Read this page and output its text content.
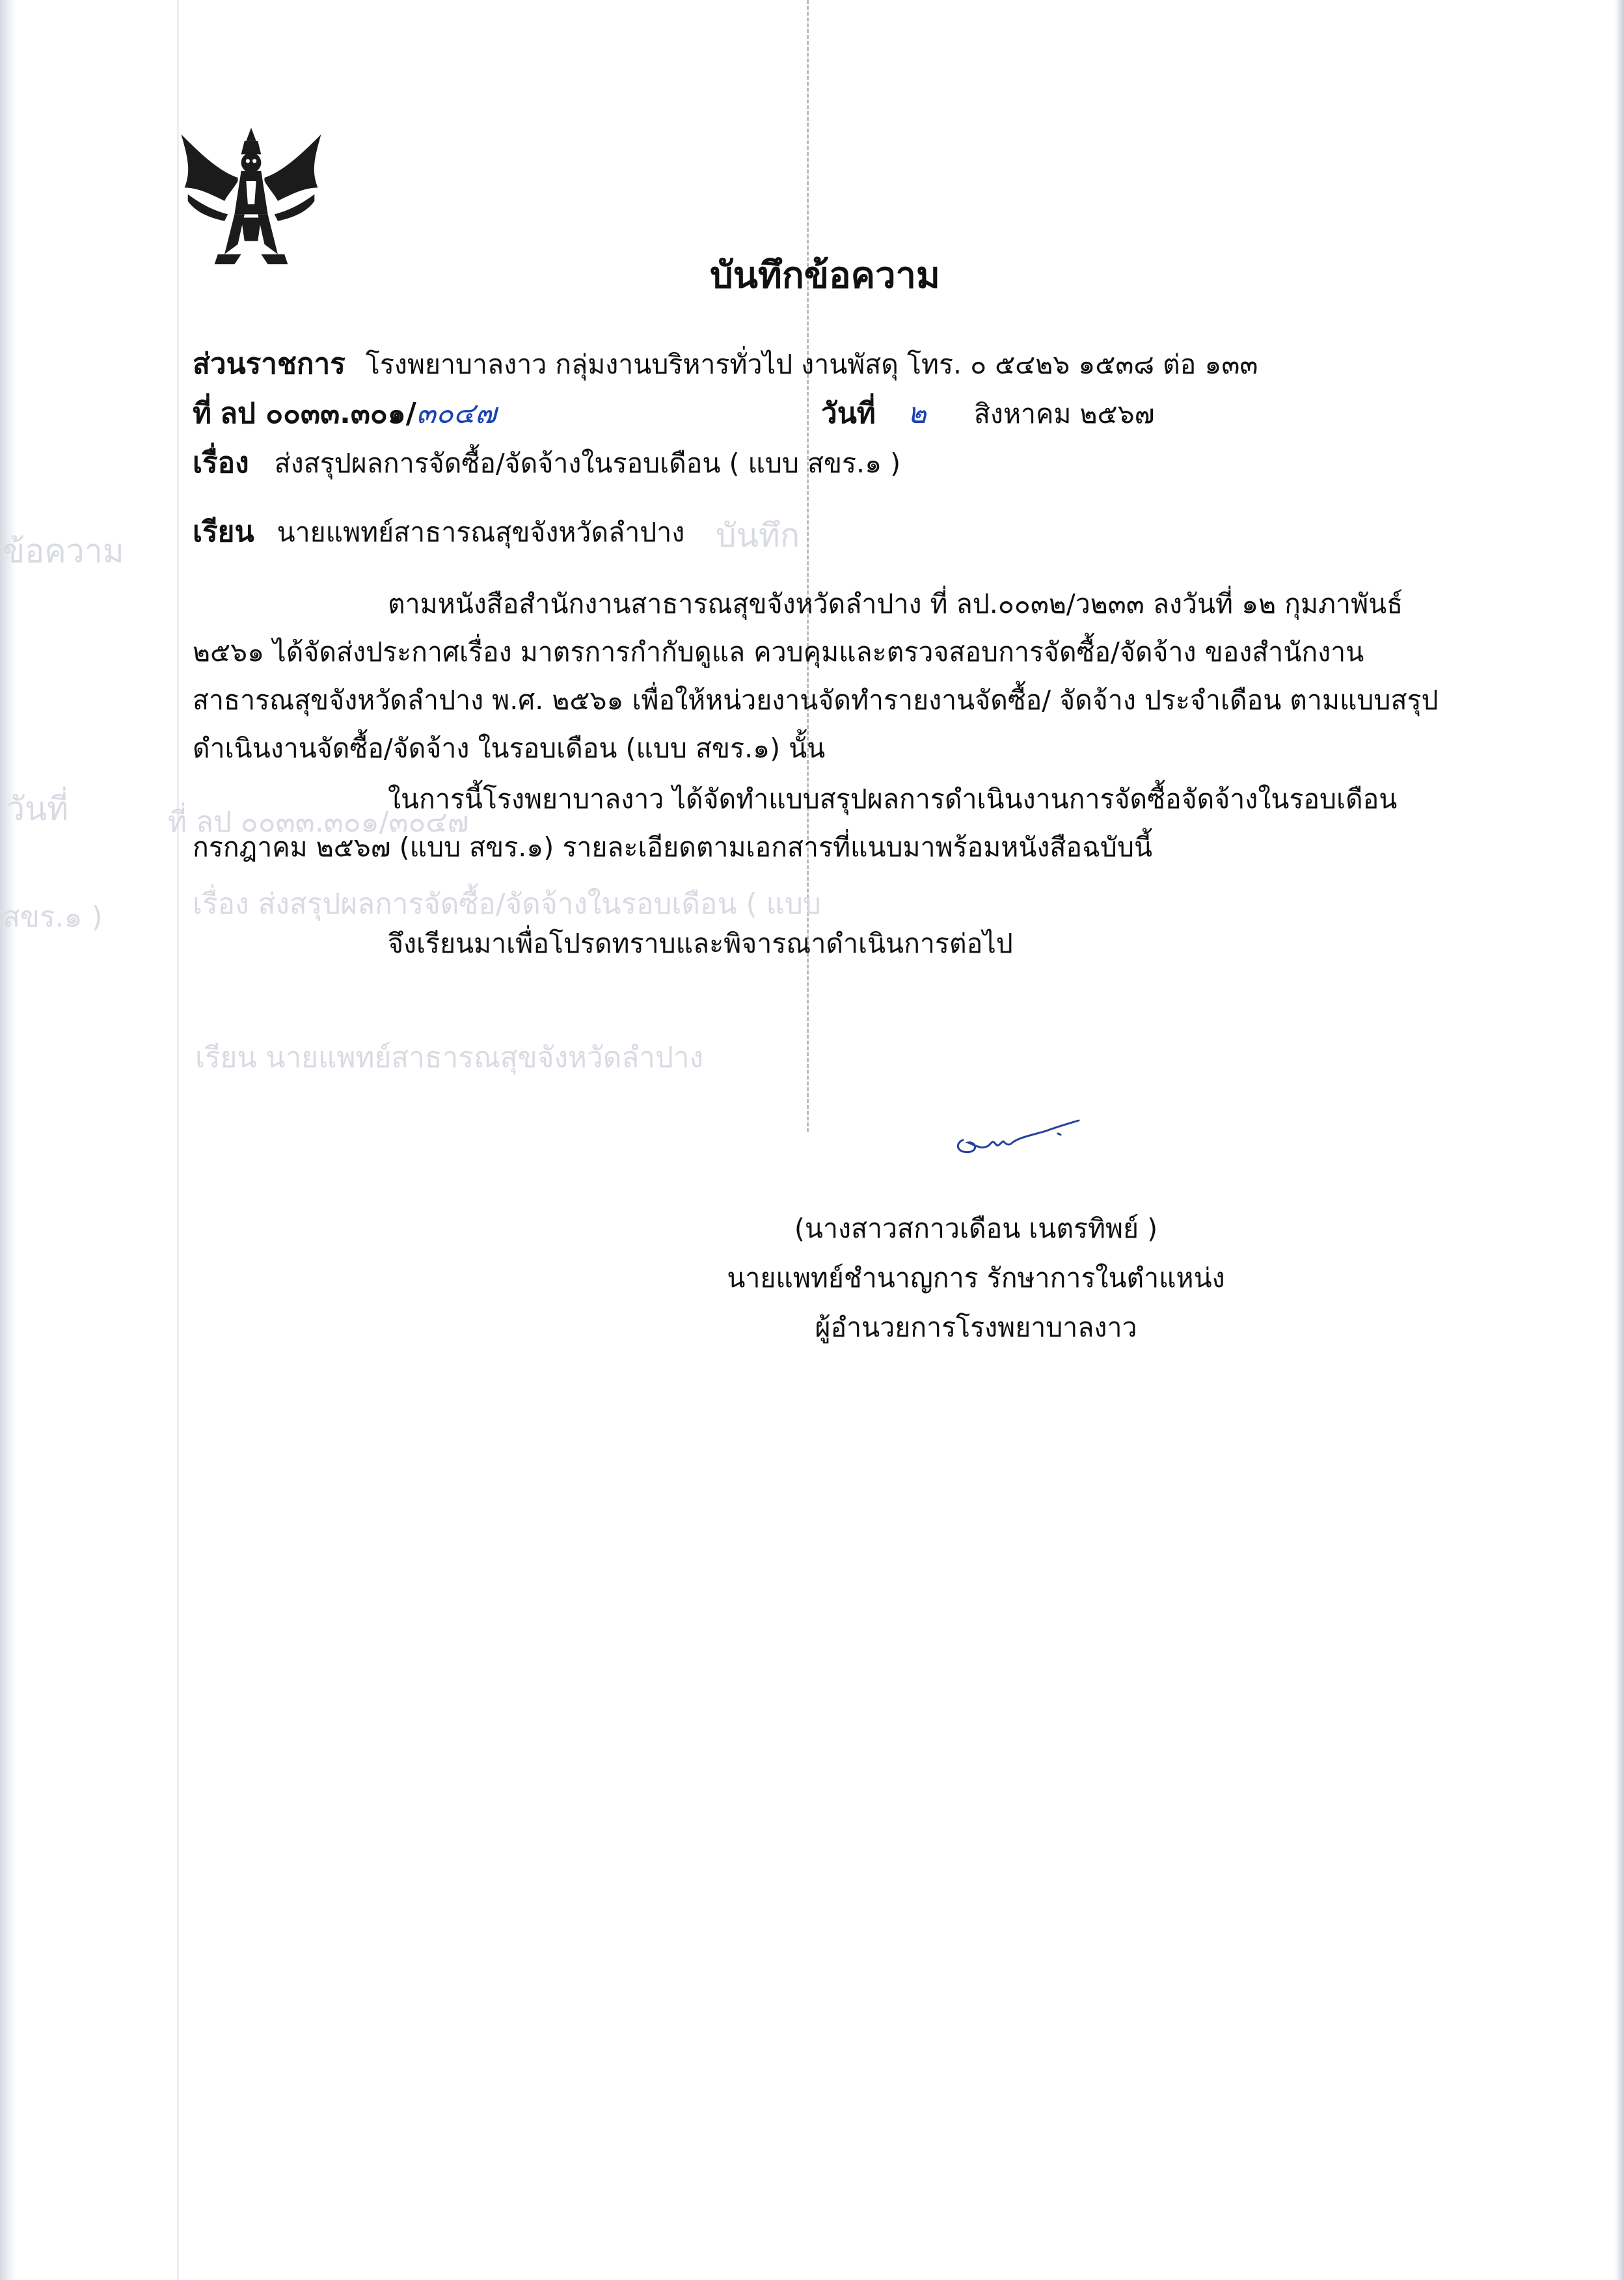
ข้อความ	บันทึก
วันที่
เรื่อง ส่งสรุปผลการจัดซื้อ/จัดจ้างในรอบเดือน ( แบบ
เรียน นายแพทย์สาธารณสุขจังหวัดลำปาง
สขร.๑ )
ที่ ลป ๐๐๓๓.๓๐๑/๓๐๔๗
บันทึกข้อความ
ส่วนราชการ โรงพยาบาลงาว กลุ่มงานบริหารทั่วไป งานพัสดุ โทร. ๐ ๕๔๒๖ ๑๕๓๘ ต่อ ๑๓๓
ที่ ลป ๐๐๓๓.๓๐๑/๓๐๔๗	วันที่ ๒ สิงหาคม ๒๕๖๗
เรื่อง ส่งสรุปผลการจัดซื้อ/จัดจ้างในรอบเดือน ( แบบ สขร.๑ )
เรียน นายแพทย์สาธารณสุขจังหวัดลำปาง
ตามหนังสือสำนักงานสาธารณสุขจังหวัดลำปาง ที่ ลป.๐๐๓๒/ว๒๓๓ ลงวันที่ ๑๒ กุมภาพันธ์
๒๕๖๑ ได้จัดส่งประกาศเรื่อง มาตรการกำกับดูแล ควบคุมและตรวจสอบการจัดซื้อ/จัดจ้าง ของสำนักงาน
สาธารณสุขจังหวัดลำปาง พ.ศ. ๒๕๖๑ เพื่อให้หน่วยงานจัดทำรายงานจัดซื้อ/ จัดจ้าง ประจำเดือน ตามแบบสรุป
ดำเนินงานจัดซื้อ/จัดจ้าง ในรอบเดือน (แบบ สขร.๑) นั้น
ในการนี้โรงพยาบาลงาว ได้จัดทำแบบสรุปผลการดำเนินงานการจัดซื้อจัดจ้างในรอบเดือน
กรกฎาคม ๒๕๖๗ (แบบ สขร.๑) รายละเอียดตามเอกสารที่แนบมาพร้อมหนังสือฉบับนี้
จึงเรียนมาเพื่อโปรดทราบและพิจารณาดำเนินการต่อไป
(นางสาวสกาวเดือน เนตรทิพย์ )
นายแพทย์ชำนาญการ รักษาการในตำแหน่ง
ผู้อำนวยการโรงพยาบาลงาว
